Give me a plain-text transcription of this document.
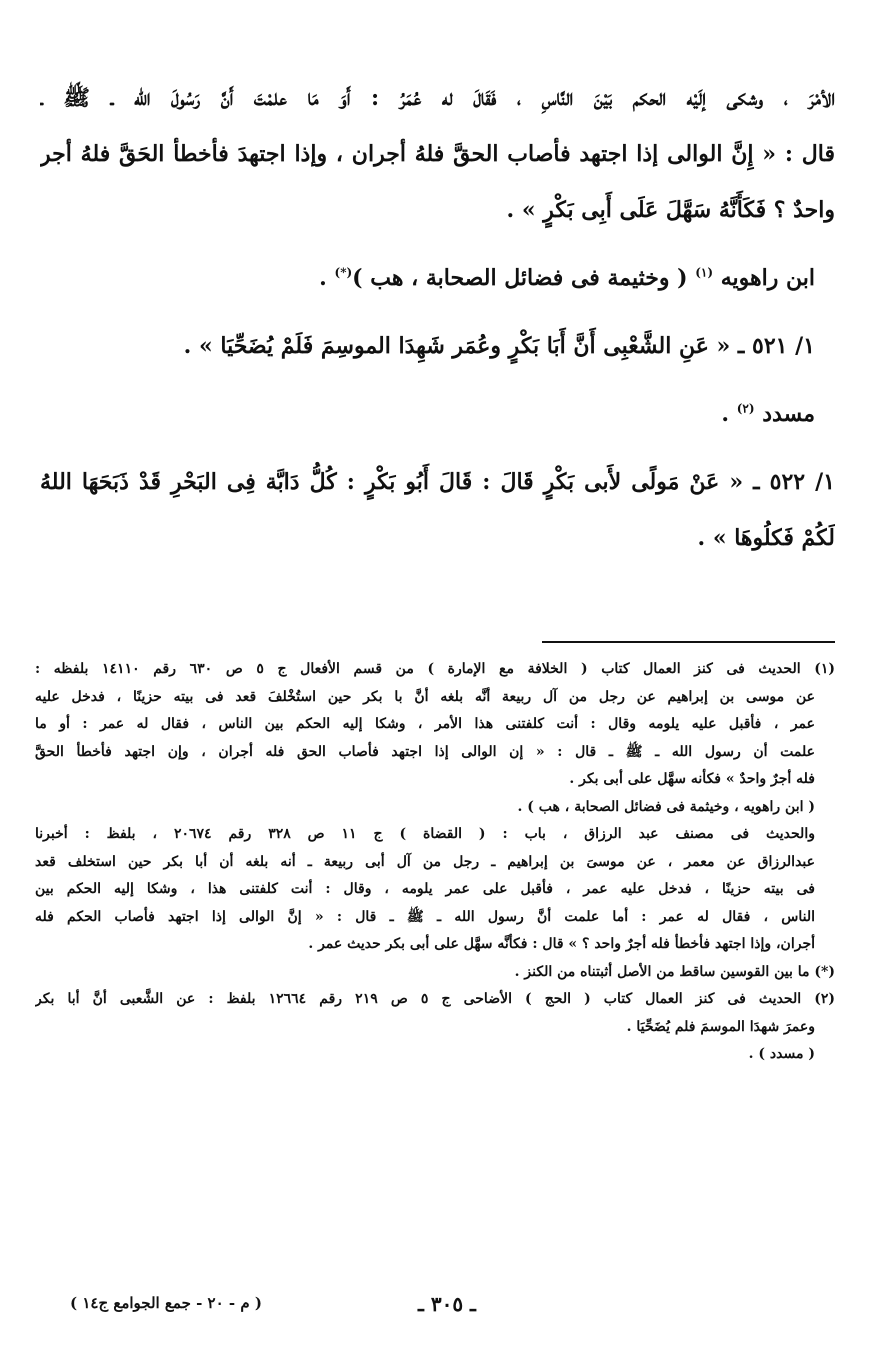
الأمْرَ ، وشكى إلَيْه الحكم بَيْنَ النَّاسِ ، فَقَالَ له عُمَرُ : أَوَ مَا علمْتَ أَنَّ رَسُولَ الله ـ ﷺ ـ

قال : « إِنَّ الوالى إذا اجتهد فأصاب الحقَّ فلهُ أجران ، وإذا اجتهدَ فأخطأ الحَقَّ فلهُ أجر

واحدٌ ؟ فَكَأَنَّهُ سَهَّلَ عَلَى أَبِى بَكْرٍ » .

ابن راهويه $^{(١)}$ ( وخثيمة فى فضائل الصحابة ، هب )(*) .

١/ ٥٢١ ـ « عَنِ الشَّعْبِى أَنَّ أَبَا بَكْرٍ وعُمَر شَهِدَا الموسِمَ فَلَمْ يُضَحِّيَا » .

مسدد $^{(٢)}$ .

١/ ٥٢٢ ـ « عَنْ مَولًى لأَبى بَكْرٍ قَالَ : قَالَ أَبُو بَكْرٍ : كُلُّ دَابَّة فِى البَحْرِ قَدْ ذَبَحَهَا اللهُ

لَكُمْ فَكلُوهَا » .

(١) الحديث فى كنز العمال كتاب ( الخلافة مع الإمارة ) من قسم الأفعال ج ٥ ص ٦٣٠ رقم ١٤١١٠ بلفظه :

عن موسى بن إبراهيم عن رجل من آل ربيعة أنَّه بلغه أنَّ با بكر حين استُخْلفَ قعد فى بيته حزينًا ، فدخل عليه

عمر ، فأقبل عليه يلومه وقال : أنت كلفتنى هذا الأمر ، وشكا إليه الحكم بين الناس ، فقال له عمر : أو ما

علمت أن رسول الله ـ ﷺ ـ قال : « إن الوالى إذا اجتهد فأصاب الحق فله أجران ، وإن اجتهد فأخطأ الحقَّ

فله أجرٌ واحدٌ » فكأنه سهَّل على أبى بكر .

( ابن راهويه ، وخيثمة فى فضائل الصحابة ، هب ) .

والحديث فى مصنف عبد الرزاق ، باب : ( القضاة ) ج ١١ ص ٣٢٨ رقم ٢٠٦٧٤ ، بلفظ : أخبرنا

عبدالرزاق عن معمر ، عن موسىَ بن إبراهيم ـ رجل من آل أبى ربيعة ـ أنه بلغه أن أبا بكر حين استخلف قعد

فى بيته حزينًا ، فدخل عليه عمر ، فأقبل على عمر يلومه ، وقال : أنت كلفتنى هذا ، وشكا إليه الحكم بين

الناس ، فقال له عمر : أما علمت أنَّ رسول الله ـ ﷺ ـ قال : « إنَّ الوالى إذا اجتهد فأصاب الحكم فله

أجران، وإذا اجتهد فأخطأ فله أجرٌ واحد ؟ » قال : فكأنَّه سهَّل على أبى بكر حديث عمر .

(*) ما بين القوسين ساقط من الأصل أثبتناه من الكنز .

(٢) الحديث فى كنز العمال كتاب ( الحج ) الأضاحى ج ٥ ص ٢١٩ رقم ١٢٦٦٤ بلفظ : عن الشَّعبى أنَّ أبا بكر

وعمرَ شهدَا الموسمَ فلم يُضَحِّيَا .

( مسدد ) .

ـ ٣٠٥ ـ
( م - ٢٠ - جمع الجوامع ج١٤ )
